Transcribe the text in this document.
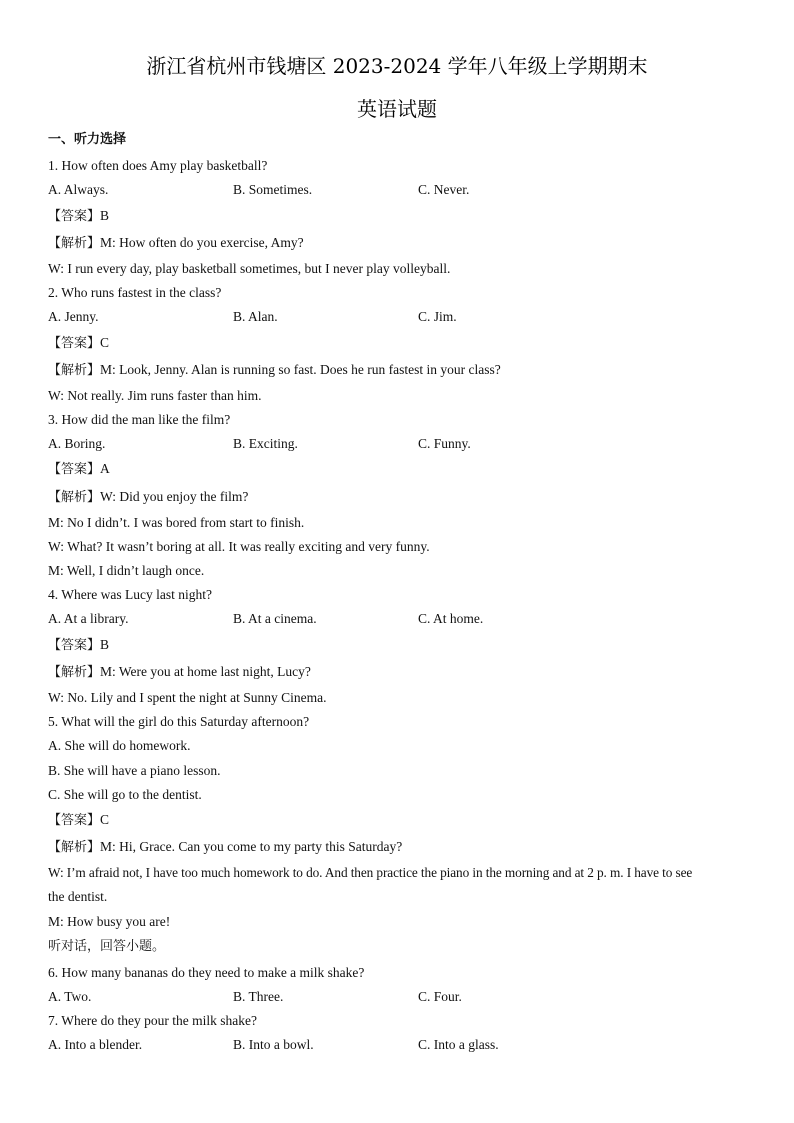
浙江省杭州市钱塘区 2023-2024 学年八年级上学期期末
英语试题
一、听力选择
1. How often does Amy play basketball?
A. Always.	B. Sometimes.	C. Never.
【答案】B
【解析】M: How often do you exercise, Amy?
W: I run every day, play basketball sometimes, but I never play volleyball.
2. Who runs fastest in the class?
A. Jenny.	B. Alan.	C. Jim.
【答案】C
【解析】M: Look, Jenny. Alan is running so fast. Does he run fastest in your class?
W: Not really. Jim runs faster than him.
3. How did the man like the film?
A. Boring.	B. Exciting.	C. Funny.
【答案】A
【解析】W: Did you enjoy the film?
M: No I didn’t. I was bored from start to finish.
W: What? It wasn’t boring at all. It was really exciting and very funny.
M: Well, I didn’t laugh once.
4. Where was Lucy last night?
A. At a library.	B. At a cinema.	C. At home.
【答案】B
【解析】M: Were you at home last night, Lucy?
W: No. Lily and I spent the night at Sunny Cinema.
5. What will the girl do this Saturday afternoon?
A. She will do homework.
B. She will have a piano lesson.
C. She will go to the dentist.
【答案】C
【解析】M: Hi, Grace. Can you come to my party this Saturday?
W: I’m afraid not, I have too much homework to do. And then practice the piano in the morning and at 2 p. m. I have to see
the dentist.
M: How busy you are!
听对话，回答小题。
6. How many bananas do they need to make a milk shake?
A. Two.	B. Three.	C. Four.
7. Where do they pour the milk shake?
A. Into a blender.	B. Into a bowl.	C. Into a glass.
